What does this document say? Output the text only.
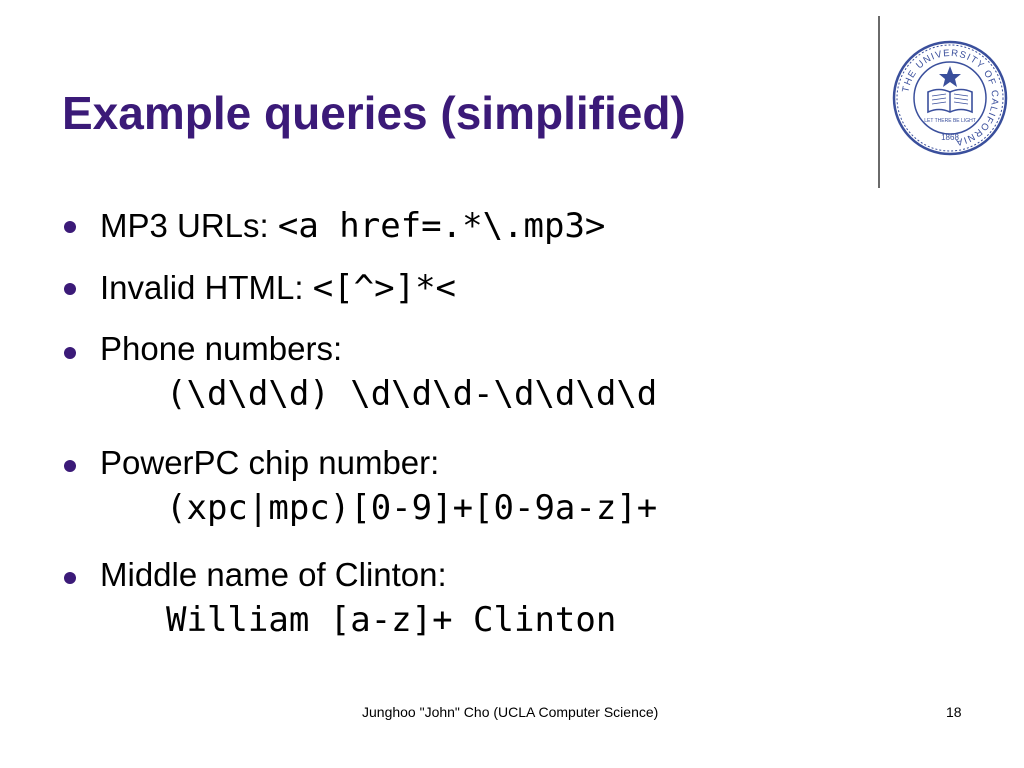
Example queries (simplified)	THE UNIVERSITY OF CALIFORNIA
LET THERE BE LIGHT
1868
MP3 URLs: <a href=.*\.mp3>
Invalid HTML: <[^>]*<
Phone numbers:
(\d\d\d) \d\d\d-\d\d\d\d
PowerPC chip number:
(xpc|mpc)[0-9]+[0-9a-z]+
Middle name of Clinton:
William [a-z]+ Clinton
Junghoo "John" Cho (UCLA Computer Science)	18
